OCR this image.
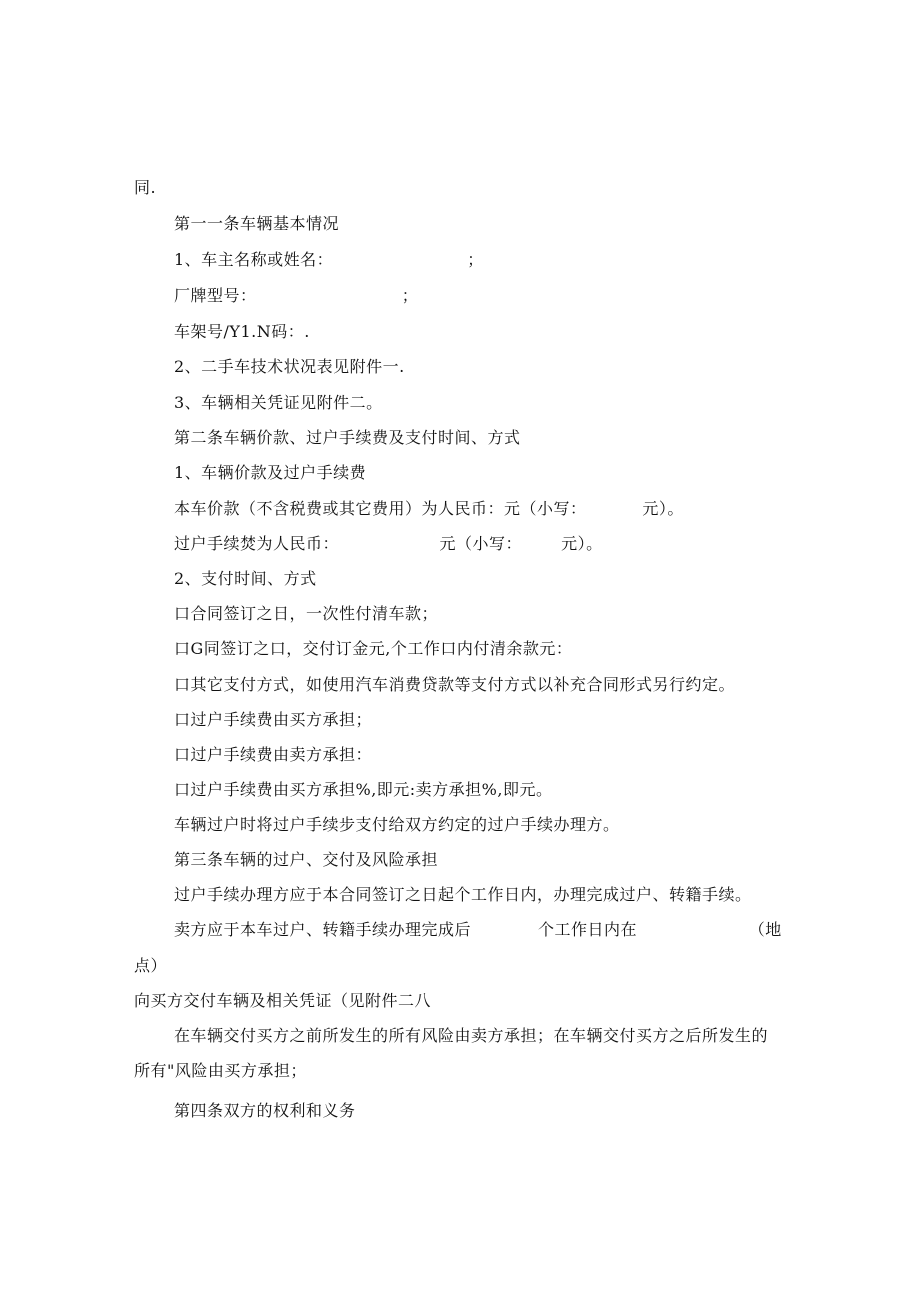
同.
第一一条车辆基本情况
1、车主名称或姓名：                        ；
厂牌型号：                          ；
车架号/Y1.N码：.
2、二手车技术状况表见附件一.
3、车辆相关凭证见附件二。
第二条车辆价款、过户手续费及支付时间、方式
1、车辆价款及过户手续费
本车价款（不含税费或其它费用）为人民币：元（小写：          元）。
过户手续焚为人民币：                  元（小写：       元）。
2、支付时间、方式
口合同签订之日，一次性付清车款；
口G同签订之口，交付订金元,个工作口内付清余款元：
口其它支付方式，如使用汽车消费贷款等支付方式以补充合同形式另行约定。
口过户手续费由买方承担；
口过户手续费由卖方承担：
口过户手续费由买方承担%,即元:卖方承担%,即元。
车辆过户时将过户手续步支付给双方约定的过户手续办理方。
第三条车辆的过户、交付及风险承担
过户手续办理方应于本合同签订之日起个工作日内，办理完成过户、转籍手续。
卖方应于本车过户、转籍手续办理完成后            个工作日内在                    （地
点）
向买方交付车辆及相关凭证（见附件二八
在车辆交付买方之前所发生的所有风险由卖方承担；在车辆交付买方之后所发生的
所有"风险由买方承担；
第四条双方的权利和义务
